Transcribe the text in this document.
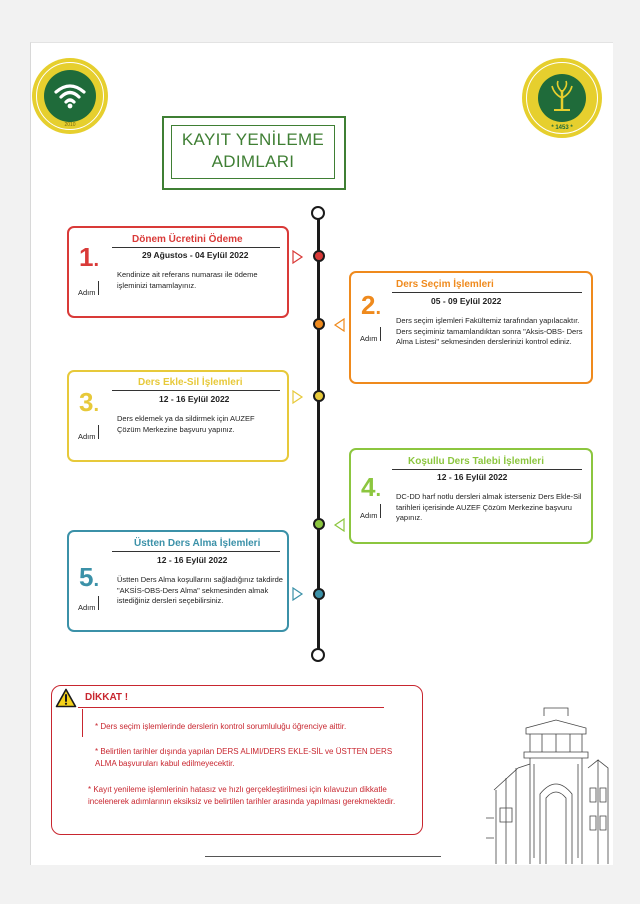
2010	* 1453 *
KAYIT YENİLEME
ADIMLARI
1.
Adım
Dönem Ücretini Ödeme
29 Ağustos - 04 Eylül 2022
Kendinize ait referans numarası ile ödeme işleminizi tamamlayınız.
2.
Adım
Ders Seçim İşlemleri
05 - 09 Eylül 2022
Ders seçim işlemleri Fakültemiz tarafından yapılacaktır. Ders seçiminiz tamamlandıktan sonra "Aksis-OBS- Ders Alma Listesi" sekmesinden derslerinizi kontrol ediniz.
3.
Adım
Ders Ekle-Sil İşlemleri
12 - 16 Eylül 2022
Ders eklemek ya da sildirmek için AUZEF Çözüm Merkezine başvuru yapınız.
4.
Adım
Koşullu Ders Talebi İşlemleri
12 - 16 Eylül 2022
DC-DD harf notlu dersleri almak isterseniz Ders Ekle-Sil tarihleri içerisinde AUZEF Çözüm Merkezine başvuru yapınız.
5.
Adım
Üstten Ders Alma İşlemleri
12 - 16 Eylül 2022
Üstten Ders Alma koşullarını sağladığınız takdirde "AKSİS-OBS-Ders Alma" sekmesinden almak istediğiniz dersleri seçebilirsiniz.
DİKKAT !
* Ders seçim işlemlerinde derslerin kontrol sorumluluğu öğrenciye aittir.
* Belirtilen tarihler dışında yapılan DERS ALIMI/DERS EKLE-SİL ve ÜSTTEN DERS ALMA başvuruları kabul edilmeyecektir.
* Kayıt yenileme işlemlerinin hatasız ve hızlı gerçekleştirilmesi için kılavuzun dikkatle incelenerek adımlarının eksiksiz ve belirtilen tarihler arasında yapılması gerekmektedir.
